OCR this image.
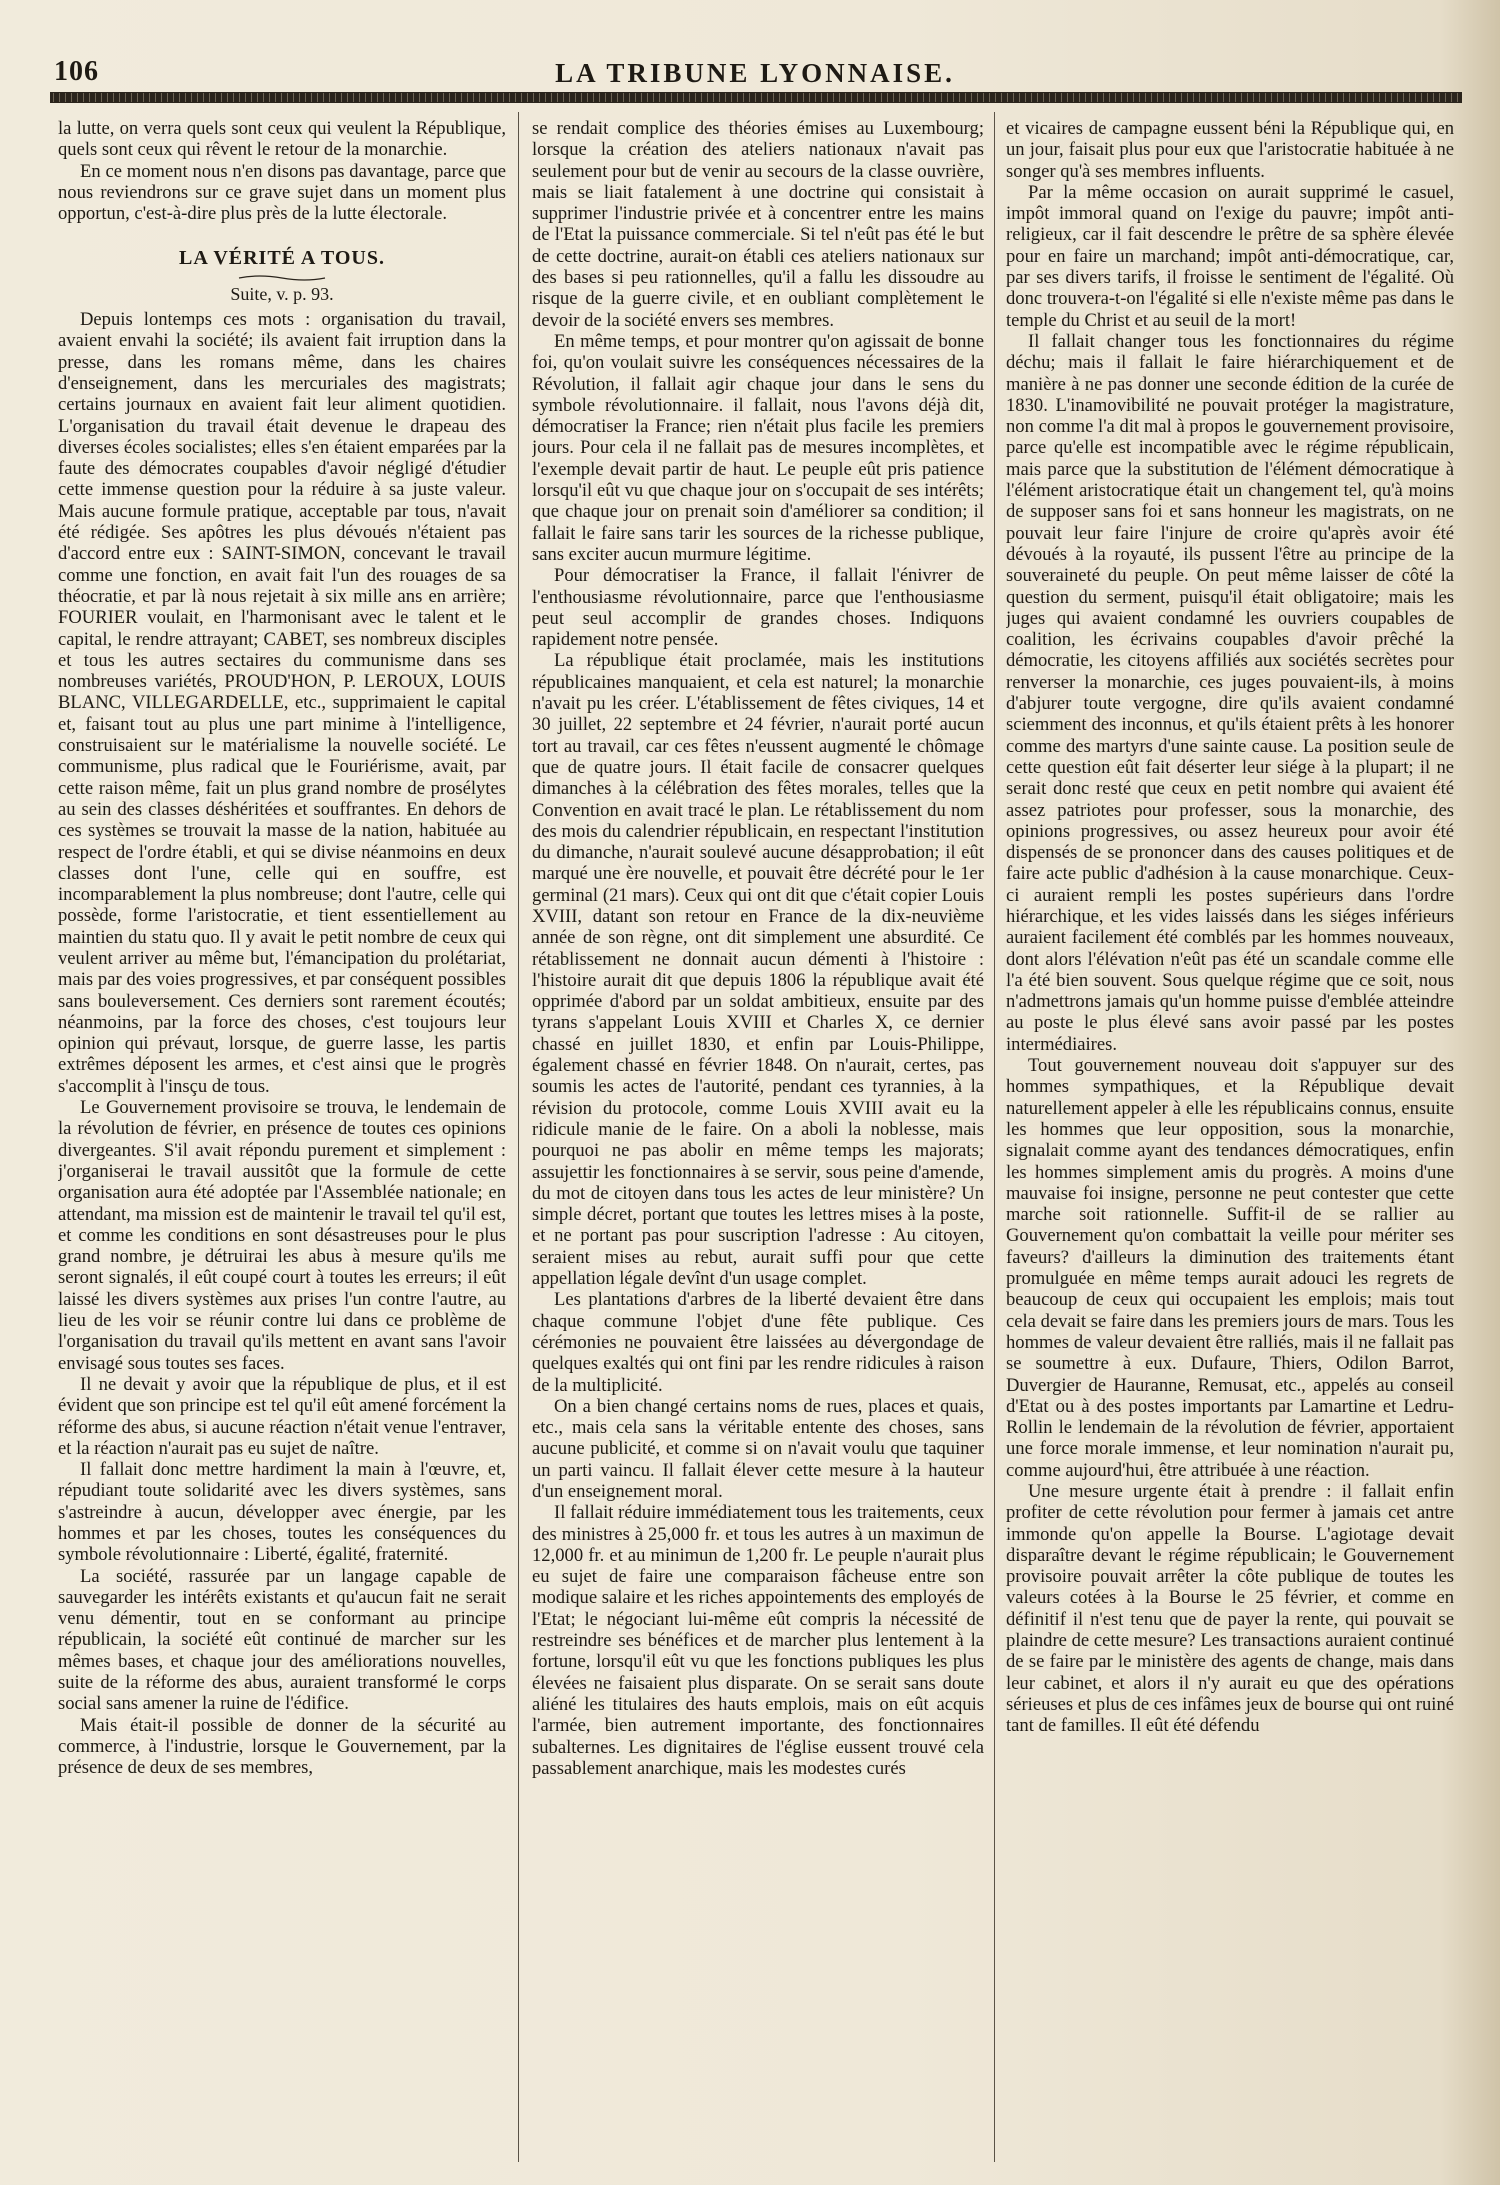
106	LA TRIBUNE LYONNAISE.

la lutte, on verra quels sont ceux qui veulent la République, quels sont ceux qui rêvent le retour de la monarchie.

En ce moment nous n'en disons pas davantage, parce que nous reviendrons sur ce grave sujet dans un moment plus opportun, c'est-à-dire plus près de la lutte électorale.

LA VÉRITÉ A TOUS.

Suite, v. p. 93.

Depuis lontemps ces mots : organisation du travail, avaient envahi la société; ils avaient fait irruption dans la presse, dans les romans même, dans les chaires d'enseignement, dans les mercuriales des magistrats; certains journaux en avaient fait leur aliment quotidien. L'organisation du travail était devenue le drapeau des diverses écoles socialistes; elles s'en étaient emparées par la faute des démocrates coupables d'avoir négligé d'étudier cette immense question pour la réduire à sa juste valeur. Mais aucune formule pratique, acceptable par tous, n'avait été rédigée. Ses apôtres les plus dévoués n'étaient pas d'accord entre eux : SAINT-SIMON, concevant le travail comme une fonction, en avait fait l'un des rouages de sa théocratie, et par là nous rejetait à six mille ans en arrière; FOURIER voulait, en l'harmonisant avec le talent et le capital, le rendre attrayant; CABET, ses nombreux disciples et tous les autres sectaires du communisme dans ses nombreuses variétés, PROUD'HON, P. LEROUX, LOUIS BLANC, VILLEGARDELLE, etc., supprimaient le capital et, faisant tout au plus une part minime à l'intelligence, construisaient sur le matérialisme la nouvelle société. Le communisme, plus radical que le Fouriérisme, avait, par cette raison même, fait un plus grand nombre de prosélytes au sein des classes déshéritées et souffrantes. En dehors de ces systèmes se trouvait la masse de la nation, habituée au respect de l'ordre établi, et qui se divise néanmoins en deux classes dont l'une, celle qui en souffre, est incomparablement la plus nombreuse; dont l'autre, celle qui possède, forme l'aristocratie, et tient essentiellement au maintien du statu quo. Il y avait le petit nombre de ceux qui veulent arriver au même but, l'émancipation du prolétariat, mais par des voies progressives, et par conséquent possibles sans bouleversement. Ces derniers sont rarement écoutés; néanmoins, par la force des choses, c'est toujours leur opinion qui prévaut, lorsque, de guerre lasse, les partis extrêmes déposent les armes, et c'est ainsi que le progrès s'accomplit à l'insçu de tous.

Le Gouvernement provisoire se trouva, le lendemain de la révolution de février, en présence de toutes ces opinions divergeantes. S'il avait répondu purement et simplement : j'organiserai le travail aussitôt que la formule de cette organisation aura été adoptée par l'Assemblée nationale; en attendant, ma mission est de maintenir le travail tel qu'il est, et comme les conditions en sont désastreuses pour le plus grand nombre, je détruirai les abus à mesure qu'ils me seront signalés, il eût coupé court à toutes les erreurs; il eût laissé les divers systèmes aux prises l'un contre l'autre, au lieu de les voir se réunir contre lui dans ce problème de l'organisation du travail qu'ils mettent en avant sans l'avoir envisagé sous toutes ses faces.

Il ne devait y avoir que la république de plus, et il est évident que son principe est tel qu'il eût amené forcément la réforme des abus, si aucune réaction n'était venue l'entraver, et la réaction n'aurait pas eu sujet de naître.

Il fallait donc mettre hardiment la main à l'œuvre, et, répudiant toute solidarité avec les divers systèmes, sans s'astreindre à aucun, développer avec énergie, par les hommes et par les choses, toutes les conséquences du symbole révolutionnaire : Liberté, égalité, fraternité.

La société, rassurée par un langage capable de sauvegarder les intérêts existants et qu'aucun fait ne serait venu démentir, tout en se conformant au principe républicain, la société eût continué de marcher sur les mêmes bases, et chaque jour des améliorations nouvelles, suite de la réforme des abus, auraient transformé le corps social sans amener la ruine de l'édifice.

Mais était-il possible de donner de la sécurité au commerce, à l'industrie, lorsque le Gouvernement, par la présence de deux de ses membres,

se rendait complice des théories émises au Luxembourg; lorsque la création des ateliers nationaux n'avait pas seulement pour but de venir au secours de la classe ouvrière, mais se liait fatalement à une doctrine qui consistait à supprimer l'industrie privée et à concentrer entre les mains de l'Etat la puissance commerciale. Si tel n'eût pas été le but de cette doctrine, aurait-on établi ces ateliers nationaux sur des bases si peu rationnelles, qu'il a fallu les dissoudre au risque de la guerre civile, et en oubliant complètement le devoir de la société envers ses membres.

En même temps, et pour montrer qu'on agissait de bonne foi, qu'on voulait suivre les conséquences nécessaires de la Révolution, il fallait agir chaque jour dans le sens du symbole révolutionnaire. il fallait, nous l'avons déjà dit, démocratiser la France; rien n'était plus facile les premiers jours. Pour cela il ne fallait pas de mesures incomplètes, et l'exemple devait partir de haut. Le peuple eût pris patience lorsqu'il eût vu que chaque jour on s'occupait de ses intérêts; que chaque jour on prenait soin d'améliorer sa condition; il fallait le faire sans tarir les sources de la richesse publique, sans exciter aucun murmure légitime.

Pour démocratiser la France, il fallait l'énivrer de l'enthousiasme révolutionnaire, parce que l'enthousiasme peut seul accomplir de grandes choses. Indiquons rapidement notre pensée.

La république était proclamée, mais les institutions républicaines manquaient, et cela est naturel; la monarchie n'avait pu les créer. L'établissement de fêtes civiques, 14 et 30 juillet, 22 septembre et 24 février, n'aurait porté aucun tort au travail, car ces fêtes n'eussent augmenté le chômage que de quatre jours. Il était facile de consacrer quelques dimanches à la célébration des fêtes morales, telles que la Convention en avait tracé le plan. Le rétablissement du nom des mois du calendrier républicain, en respectant l'institution du dimanche, n'aurait soulevé aucune désapprobation; il eût marqué une ère nouvelle, et pouvait être décrété pour le 1er germinal (21 mars). Ceux qui ont dit que c'était copier Louis XVIII, datant son retour en France de la dix-neuvième année de son règne, ont dit simplement une absurdité. Ce rétablissement ne donnait aucun démenti à l'histoire : l'histoire aurait dit que depuis 1806 la république avait été opprimée d'abord par un soldat ambitieux, ensuite par des tyrans s'appelant Louis XVIII et Charles X, ce dernier chassé en juillet 1830, et enfin par Louis-Philippe, également chassé en février 1848. On n'aurait, certes, pas soumis les actes de l'autorité, pendant ces tyrannies, à la révision du protocole, comme Louis XVIII avait eu la ridicule manie de le faire. On a aboli la noblesse, mais pourquoi ne pas abolir en même temps les majorats; assujettir les fonctionnaires à se servir, sous peine d'amende, du mot de citoyen dans tous les actes de leur ministère? Un simple décret, portant que toutes les lettres mises à la poste, et ne portant pas pour suscription l'adresse : Au citoyen, seraient mises au rebut, aurait suffi pour que cette appellation légale devînt d'un usage complet.

Les plantations d'arbres de la liberté devaient être dans chaque commune l'objet d'une fête publique. Ces cérémonies ne pouvaient être laissées au dévergondage de quelques exaltés qui ont fini par les rendre ridicules à raison de la multiplicité.

On a bien changé certains noms de rues, places et quais, etc., mais cela sans la véritable entente des choses, sans aucune publicité, et comme si on n'avait voulu que taquiner un parti vaincu. Il fallait élever cette mesure à la hauteur d'un enseignement moral.

Il fallait réduire immédiatement tous les traitements, ceux des ministres à 25,000 fr. et tous les autres à un maximun de 12,000 fr. et au minimun de 1,200 fr. Le peuple n'aurait plus eu sujet de faire une comparaison fâcheuse entre son modique salaire et les riches appointements des employés de l'Etat; le négociant lui-même eût compris la nécessité de restreindre ses bénéfices et de marcher plus lentement à la fortune, lorsqu'il eût vu que les fonctions publiques les plus élevées ne faisaient plus disparate. On se serait sans doute aliéné les titulaires des hauts emplois, mais on eût acquis l'armée, bien autrement importante, des fonctionnaires subalternes. Les dignitaires de l'église eussent trouvé cela passablement anarchique, mais les modestes curés

et vicaires de campagne eussent béni la République qui, en un jour, faisait plus pour eux que l'aristocratie habituée à ne songer qu'à ses membres influents.

Par la même occasion on aurait supprimé le casuel, impôt immoral quand on l'exige du pauvre; impôt anti-religieux, car il fait descendre le prêtre de sa sphère élevée pour en faire un marchand; impôt anti-démocratique, car, par ses divers tarifs, il froisse le sentiment de l'égalité. Où donc trouvera-t-on l'égalité si elle n'existe même pas dans le temple du Christ et au seuil de la mort!

Il fallait changer tous les fonctionnaires du régime déchu; mais il fallait le faire hiérarchiquement et de manière à ne pas donner une seconde édition de la curée de 1830. L'inamovibilité ne pouvait protéger la magistrature, non comme l'a dit mal à propos le gouvernement provisoire, parce qu'elle est incompatible avec le régime républicain, mais parce que la substitution de l'élément démocratique à l'élément aristocratique était un changement tel, qu'à moins de supposer sans foi et sans honneur les magistrats, on ne pouvait leur faire l'injure de croire qu'après avoir été dévoués à la royauté, ils pussent l'être au principe de la souveraineté du peuple. On peut même laisser de côté la question du serment, puisqu'il était obligatoire; mais les juges qui avaient condamné les ouvriers coupables de coalition, les écrivains coupables d'avoir prêché la démocratie, les citoyens affiliés aux sociétés secrètes pour renverser la monarchie, ces juges pouvaient-ils, à moins d'abjurer toute vergogne, dire qu'ils avaient condamné sciemment des inconnus, et qu'ils étaient prêts à les honorer comme des martyrs d'une sainte cause. La position seule de cette question eût fait déserter leur siége à la plupart; il ne serait donc resté que ceux en petit nombre qui avaient été assez patriotes pour professer, sous la monarchie, des opinions progressives, ou assez heureux pour avoir été dispensés de se prononcer dans des causes politiques et de faire acte public d'adhésion à la cause monarchique. Ceux-ci auraient rempli les postes supérieurs dans l'ordre hiérarchique, et les vides laissés dans les siéges inférieurs auraient facilement été comblés par les hommes nouveaux, dont alors l'élévation n'eût pas été un scandale comme elle l'a été bien souvent. Sous quelque régime que ce soit, nous n'admettrons jamais qu'un homme puisse d'emblée atteindre au poste le plus élevé sans avoir passé par les postes intermédiaires.

Tout gouvernement nouveau doit s'appuyer sur des hommes sympathiques, et la République devait naturellement appeler à elle les républicains connus, ensuite les hommes que leur opposition, sous la monarchie, signalait comme ayant des tendances démocratiques, enfin les hommes simplement amis du progrès. A moins d'une mauvaise foi insigne, personne ne peut contester que cette marche soit rationnelle. Suffit-il de se rallier au Gouvernement qu'on combattait la veille pour mériter ses faveurs? d'ailleurs la diminution des traitements étant promulguée en même temps aurait adouci les regrets de beaucoup de ceux qui occupaient les emplois; mais tout cela devait se faire dans les premiers jours de mars. Tous les hommes de valeur devaient être ralliés, mais il ne fallait pas se soumettre à eux. Dufaure, Thiers, Odilon Barrot, Duvergier de Hauranne, Remusat, etc., appelés au conseil d'Etat ou à des postes importants par Lamartine et Ledru-Rollin le lendemain de la révolution de février, apportaient une force morale immense, et leur nomination n'aurait pu, comme aujourd'hui, être attribuée à une réaction.

Une mesure urgente était à prendre : il fallait enfin profiter de cette révolution pour fermer à jamais cet antre immonde qu'on appelle la Bourse. L'agiotage devait disparaître devant le régime républicain; le Gouvernement provisoire pouvait arrêter la côte publique de toutes les valeurs cotées à la Bourse le 25 février, et comme en définitif il n'est tenu que de payer la rente, qui pouvait se plaindre de cette mesure? Les transactions auraient continué de se faire par le ministère des agents de change, mais dans leur cabinet, et alors il n'y aurait eu que des opérations sérieuses et plus de ces infâmes jeux de bourse qui ont ruiné tant de familles. Il eût été défendu
